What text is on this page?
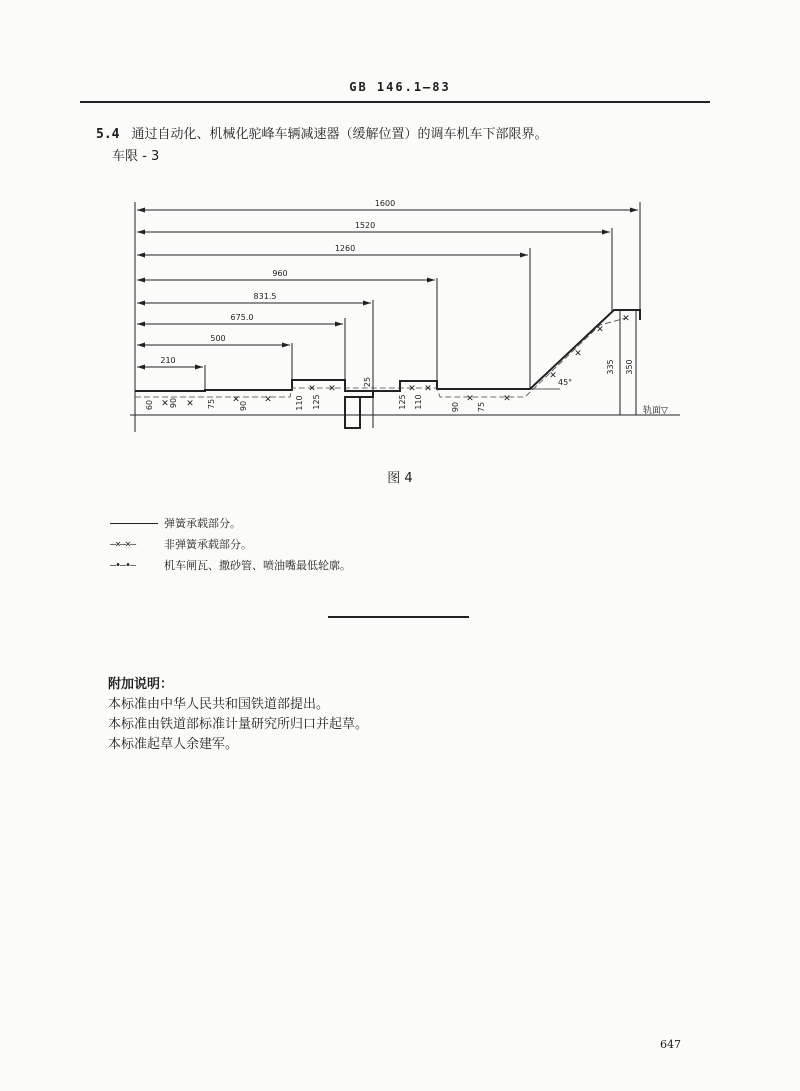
GB 146.1—83
5.4 通过自动化、机械化驼峰车辆减速器（缓解位置）的调车机车下部限界。
车限 - 3
1600
1520
1260
960
831.5
675.0
500
210
✕ ✕	✕	✕
✕ ✕	✕ ✕
✕	✕
✕
✕
✕
✕
轨面▽
45°
60 90	75	90	110 125
25
125 110	90 75
335 350
图 4
弹簧承载部分。
—×—×—	非弹簧承载部分。
—•—•—	机车闸瓦、撒砂管、喷油嘴最低轮廓。
附加说明：
本标准由中华人民共和国铁道部提出。
本标准由铁道部标准计量研究所归口并起草。
本标准起草人余建军。
647
